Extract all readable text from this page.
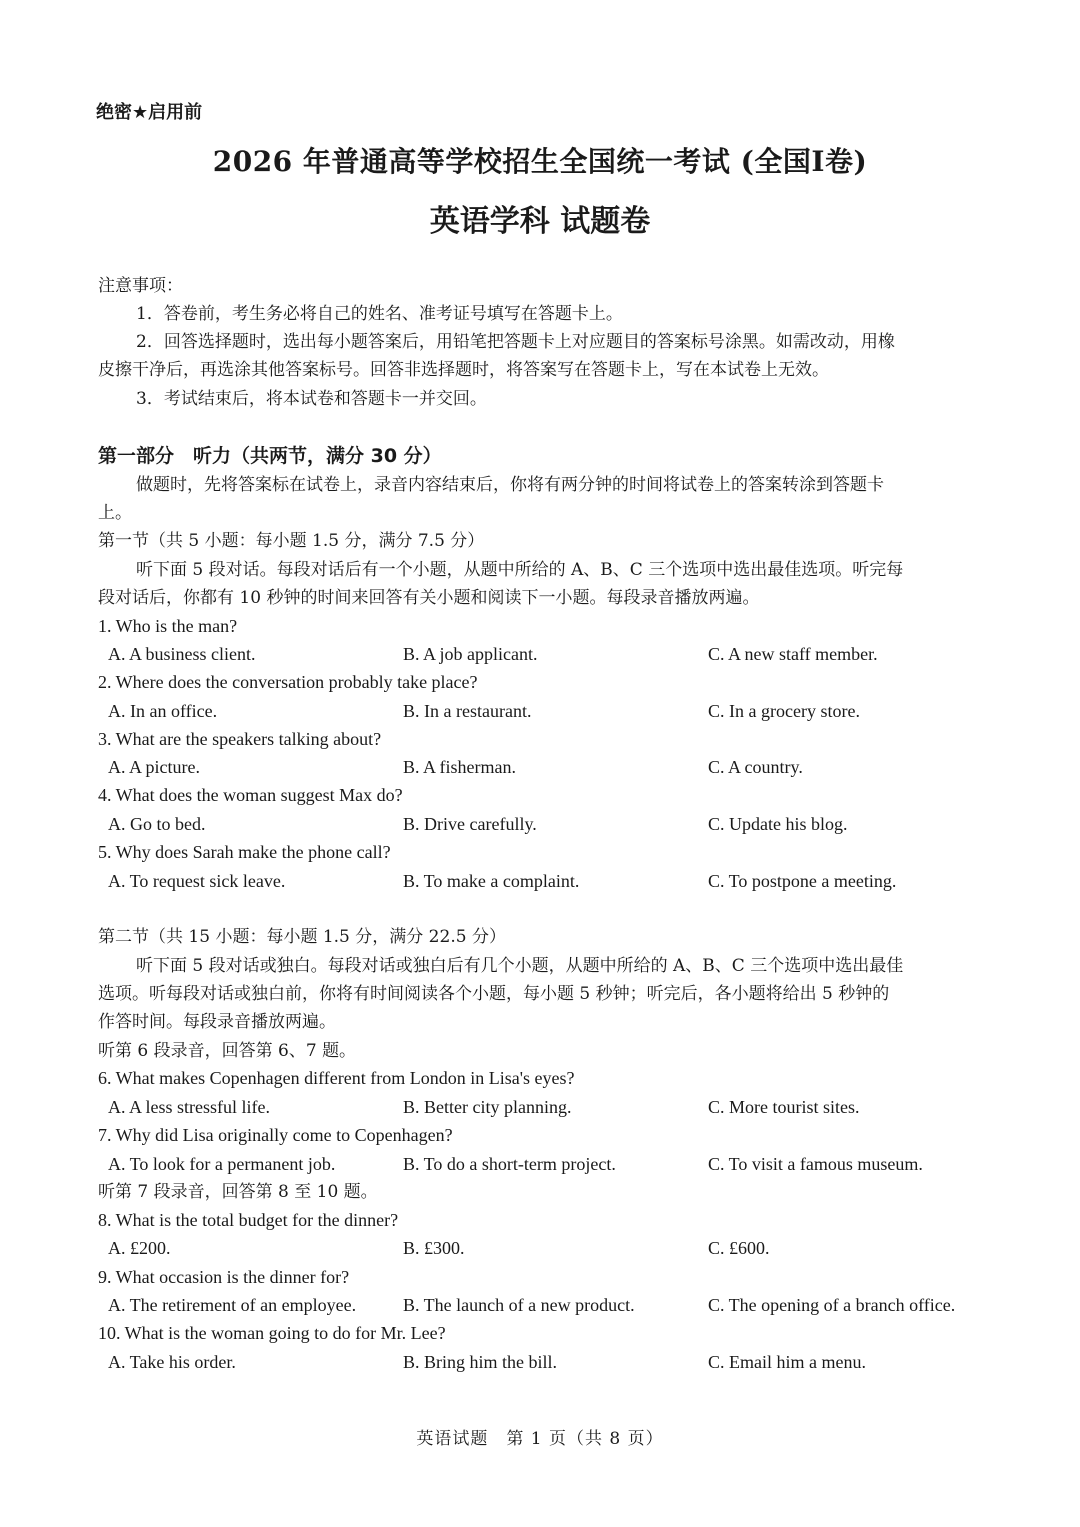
绝密★启用前
2026 年普通高等学校招生全国统一考试 (全国I卷)
英语学科 试题卷
注意事项：
1．答卷前，考生务必将自己的姓名、准考证号填写在答题卡上。
2．回答选择题时，选出每小题答案后，用铅笔把答题卡上对应题目的答案标号涂黑。如需改动，用橡
皮擦干净后，再选涂其他答案标号。回答非选择题时，将答案写在答题卡上，写在本试卷上无效。
3．考试结束后，将本试卷和答题卡一并交回。
第一部分　听力（共两节，满分 30 分）
做题时，先将答案标在试卷上，录音内容结束后，你将有两分钟的时间将试卷上的答案转涂到答题卡
上。
第一节（共 5 小题：每小题 1.5 分，满分 7.5 分）
听下面 5 段对话。每段对话后有一个小题，从题中所给的 A、B、C 三个选项中选出最佳选项。听完每
段对话后，你都有 10 秒钟的时间来回答有关小题和阅读下一小题。每段录音播放两遍。
1. Who is the man?
A. A business client.	B. A job applicant.	C. A new staff member.
2. Where does the conversation probably take place?
A. In an office.	B. In a restaurant.	C. In a grocery store.
3. What are the speakers talking about?
A. A picture.	B. A fisherman.	C. A country.
4. What does the woman suggest Max do?
A. Go to bed.	B. Drive carefully.	C. Update his blog.
5. Why does Sarah make the phone call?
A. To request sick leave.	B. To make a complaint.	C. To postpone a meeting.
第二节（共 15 小题：每小题 1.5 分，满分 22.5 分）
听下面 5 段对话或独白。每段对话或独白后有几个小题，从题中所给的 A、B、C 三个选项中选出最佳
选项。听每段对话或独白前，你将有时间阅读各个小题，每小题 5 秒钟；听完后，各小题将给出 5 秒钟的
作答时间。每段录音播放两遍。
听第 6 段录音，回答第 6、7 题。
6. What makes Copenhagen different from London in Lisa's eyes?
A. A less stressful life.	B. Better city planning.	C. More tourist sites.
7. Why did Lisa originally come to Copenhagen?
A. To look for a permanent job.	B. To do a short-term project.	C. To visit a famous museum.
听第 7 段录音，回答第 8 至 10 题。
8. What is the total budget for the dinner?
A. £200.	B. £300.	C. £600.
9. What occasion is the dinner for?
A. The retirement of an employee.	B. The launch of a new product.	C. The opening of a branch office.
10. What is the woman going to do for Mr. Lee?
A. Take his order.	B. Bring him the bill.	C. Email him a menu.
英语试题　第 1 页（共 8 页）
